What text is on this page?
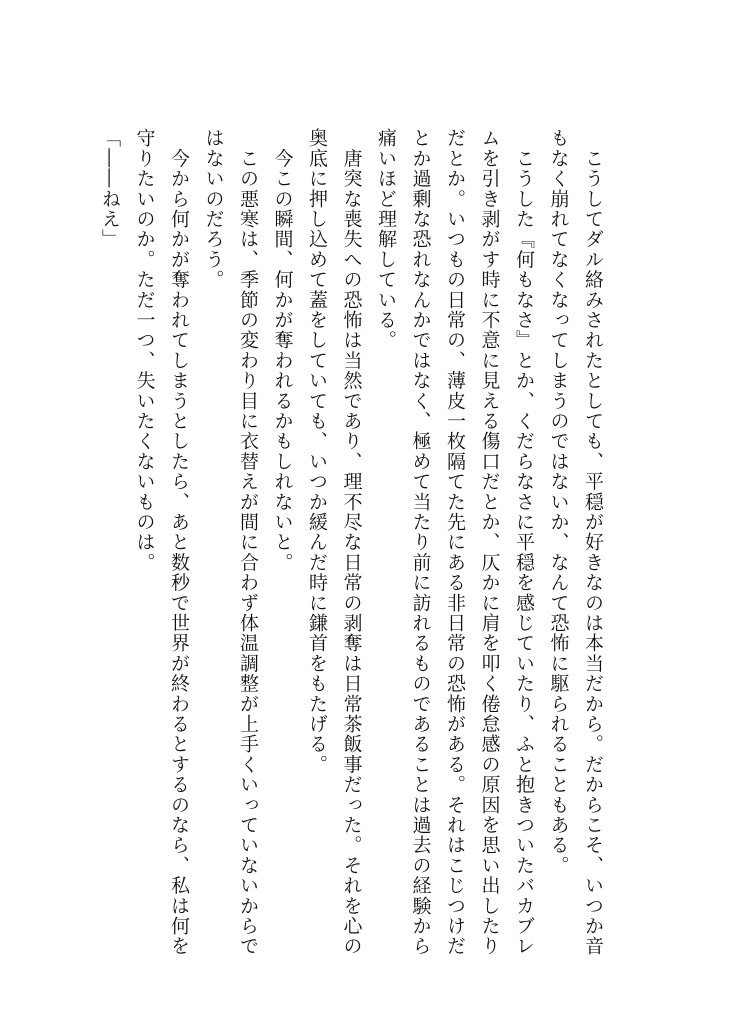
　こうしてダル絡みされたとしても、平穏が好きなのは本当だから。だからこそ、いつか音

もなく崩れてなくなってしまうのではないか、なんて恐怖に駆られることもある。

　こうした『何もなさ』とか、くだらなさに平穏を感じていたり、ふと抱きついたバカブレ

ムを引き剥がす時に不意に見える傷口だとか、仄かに肩を叩く倦怠感の原因を思い出したり

だとか。いつもの日常の、薄皮一枚隔てた先にある非日常の恐怖がある。それはこじつけだ

とか過剰な恐れなんかではなく、極めて当たり前に訪れるものであることは過去の経験から

痛いほど理解している。

　唐突な喪失への恐怖は当然であり、理不尽な日常の剥奪は日常茶飯事だった。それを心の

奥底に押し込めて蓋をしていても、いつか緩んだ時に鎌首をもたげる。

　今この瞬間、何かが奪われるかもしれないと。

　この悪寒は、季節の変わり目に衣替えが間に合わず体温調整が上手くいっていないからで

はないのだろう。

　今から何かが奪われてしまうとしたら、あと数秒で世界が終わるとするのなら、私は何を

守りたいのか。ただ一つ、失いたくないものは。

「――ねえ」
